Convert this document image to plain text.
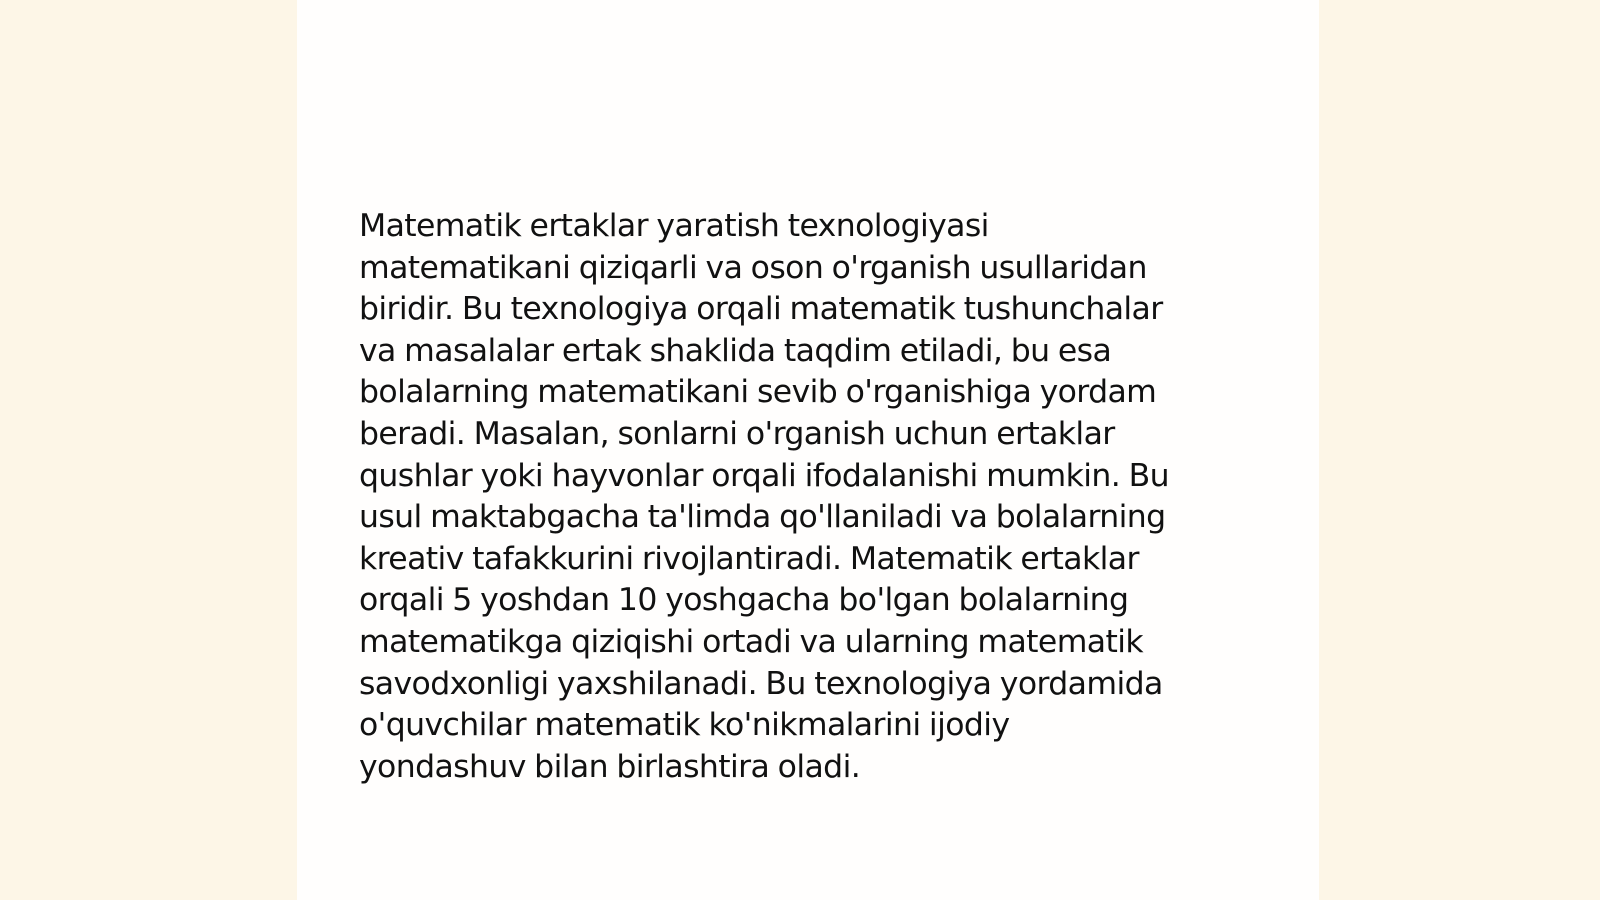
Matematik ertaklar yaratish texnologiyasi
matematikani qiziqarli va oson o'rganish usullaridan
biridir. Bu texnologiya orqali matematik tushunchalar
va masalalar ertak shaklida taqdim etiladi, bu esa
bolalarning matematikani sevib o'rganishiga yordam
beradi. Masalan, sonlarni o'rganish uchun ertaklar
qushlar yoki hayvonlar orqali ifodalanishi mumkin. Bu
usul maktabgacha ta'limda qo'llaniladi va bolalarning
kreativ tafakkurini rivojlantiradi. Matematik ertaklar
orqali 5 yoshdan 10 yoshgacha bo'lgan bolalarning
matematikga qiziqishi ortadi va ularning matematik
savodxonligi yaxshilanadi. Bu texnologiya yordamida
o'quvchilar matematik ko'nikmalarini ijodiy
yondashuv bilan birlashtira oladi.
